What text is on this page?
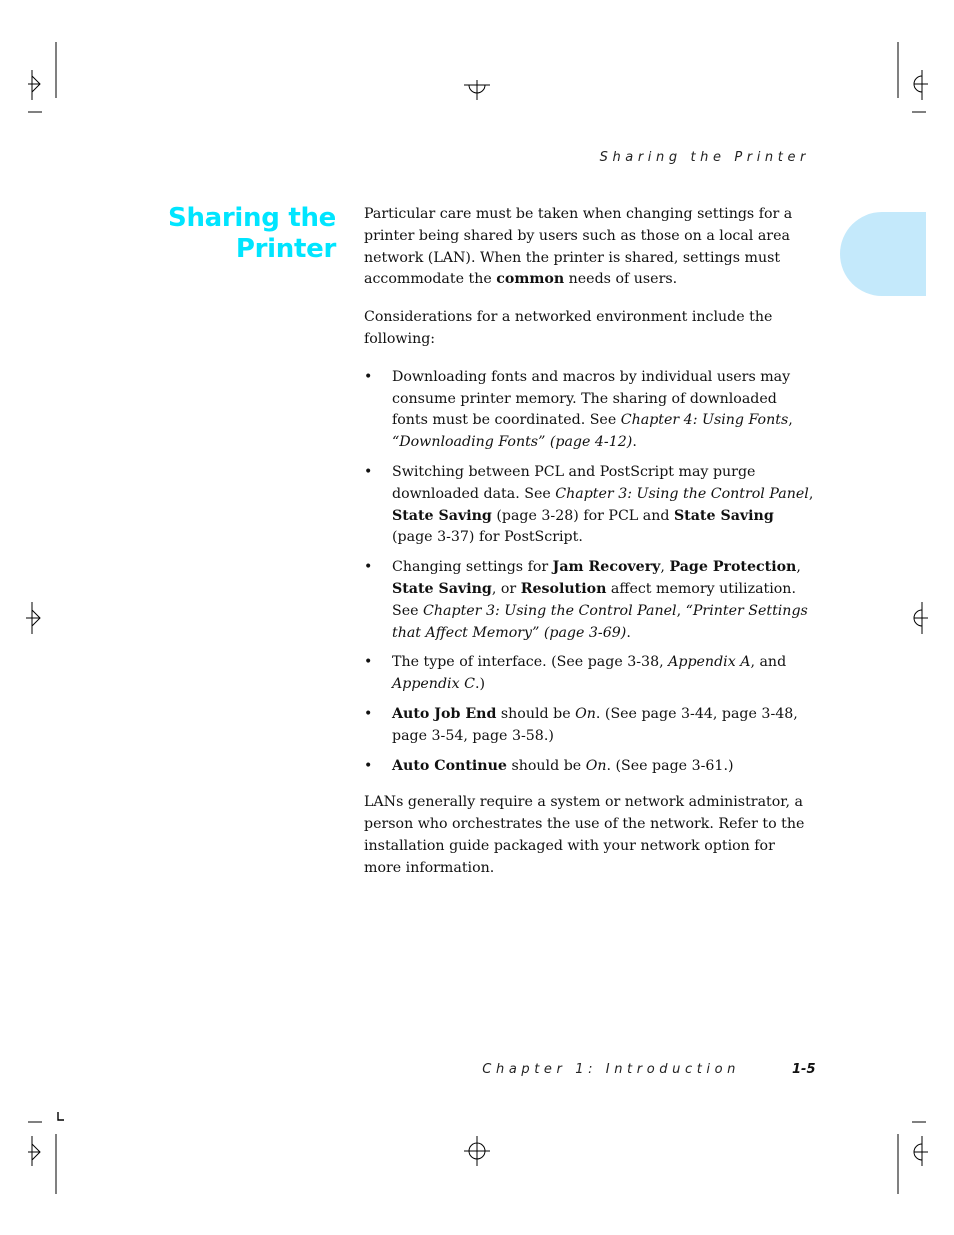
Sharing the Printer
Sharing the
Printer

Particular care must be taken when changing settings for a printer being shared by users such as those on a local area network (LAN). When the printer is shared, settings must accommodate the common needs of users.

Considerations for a networked environment include the following:

• Downloading fonts and macros by individual users may consume printer memory. The sharing of downloaded fonts must be coordinated. See Chapter 4: Using Fonts, “Downloading Fonts” (page 4-12).
• Switching between PCL and PostScript may purge downloaded data. See Chapter 3: Using the Control Panel, State Saving (page 3-28) for PCL and State Saving (page 3-37) for PostScript.
• Changing settings for Jam Recovery, Page Protection, State Saving, or Resolution affect memory utilization. See Chapter 3: Using the Control Panel, “Printer Settings that Affect Memory” (page 3-69).
• The type of interface. (See page 3-38, Appendix A, and Appendix C.)
• Auto Job End should be On. (See page 3-44, page 3-48, page 3-54, page 3-58.)
• Auto Continue should be On. (See page 3-61.)

LANs generally require a system or network administrator, a person who orchestrates the use of the network. Refer to the installation guide packaged with your network option for more information.

Chapter 1: Introduction	1-5
